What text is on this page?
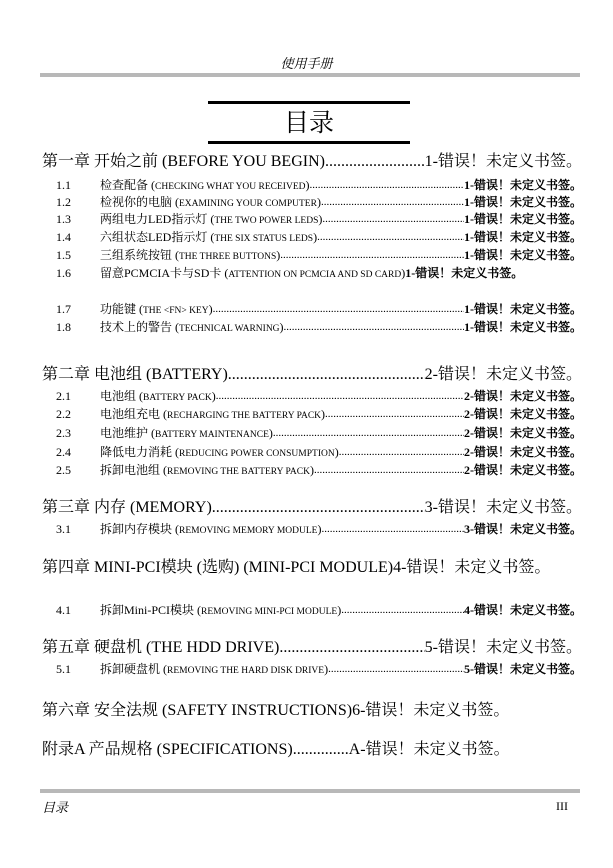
使用手册
目录
第一章 开始之前 (BEFORE YOU BEGIN) .....	1-错误！未定义书签。
1.1	检查配备 (CHECKING WHAT YOU RECEIVED) .....	1-错误！未定义书签。
1.2	检视你的电脑 (EXAMINING YOUR COMPUTER) .....	1-错误！未定义书签。
1.3	两组电力LED指示灯 (THE TWO POWER LEDS) .....	1-错误！未定义书签。
1.4	六组状态LED指示灯 (THE SIX STATUS LEDS) .....	1-错误！未定义书签。
1.5	三组系统按钮 (THE THREE BUTTONS) .....	1-错误！未定义书签。
1.6 留意PCMCIA卡与SD卡 (ATTENTION ON PCMCIA AND SD CARD)1-错误！未定义书签。
1.7	功能键 (THE <FN> KEY) .....	1-错误！未定义书签。
1.8	技术上的警告 (TECHNICAL WARNING) .....	1-错误！未定义书签。
第二章 电池组 (BATTERY) .....	2-错误！未定义书签。
2.1	电池组 (BATTERY PACK) .....	2-错误！未定义书签。
2.2	电池组充电 (RECHARGING THE BATTERY PACK) .....	2-错误！未定义书签。
2.3	电池维护 (BATTERY MAINTENANCE) .....	2-错误！未定义书签。
2.4	降低电力消耗 (REDUCING POWER CONSUMPTION) .....	2-错误！未定义书签。
2.5	拆卸电池组 (REMOVING THE BATTERY PACK) .....	2-错误！未定义书签。
第三章 内存 (MEMORY) .....	3-错误！未定义书签。
3.1	拆卸内存模块 (REMOVING MEMORY MODULE) .....	3-错误！未定义书签。
第四章 MINI-PCI模块 (选购) (MINI-PCI MODULE)4-错误！未定义书签。
4.1	拆卸Mini-PCI模块 (REMOVING MINI-PCI MODULE) .....	4-错误！未定义书签。
第五章 硬盘机 (THE HDD DRIVE) .....	5-错误！未定义书签。
5.1	拆卸硬盘机 (REMOVING THE HARD DISK DRIVE) .....	5-错误！未定义书签。
第六章 安全法规 (SAFETY INSTRUCTIONS) 6-错误！未定义书签。
附录A 产品规格 (SPECIFICATIONS) .....	A-错误！未定义书签。
目录	III
